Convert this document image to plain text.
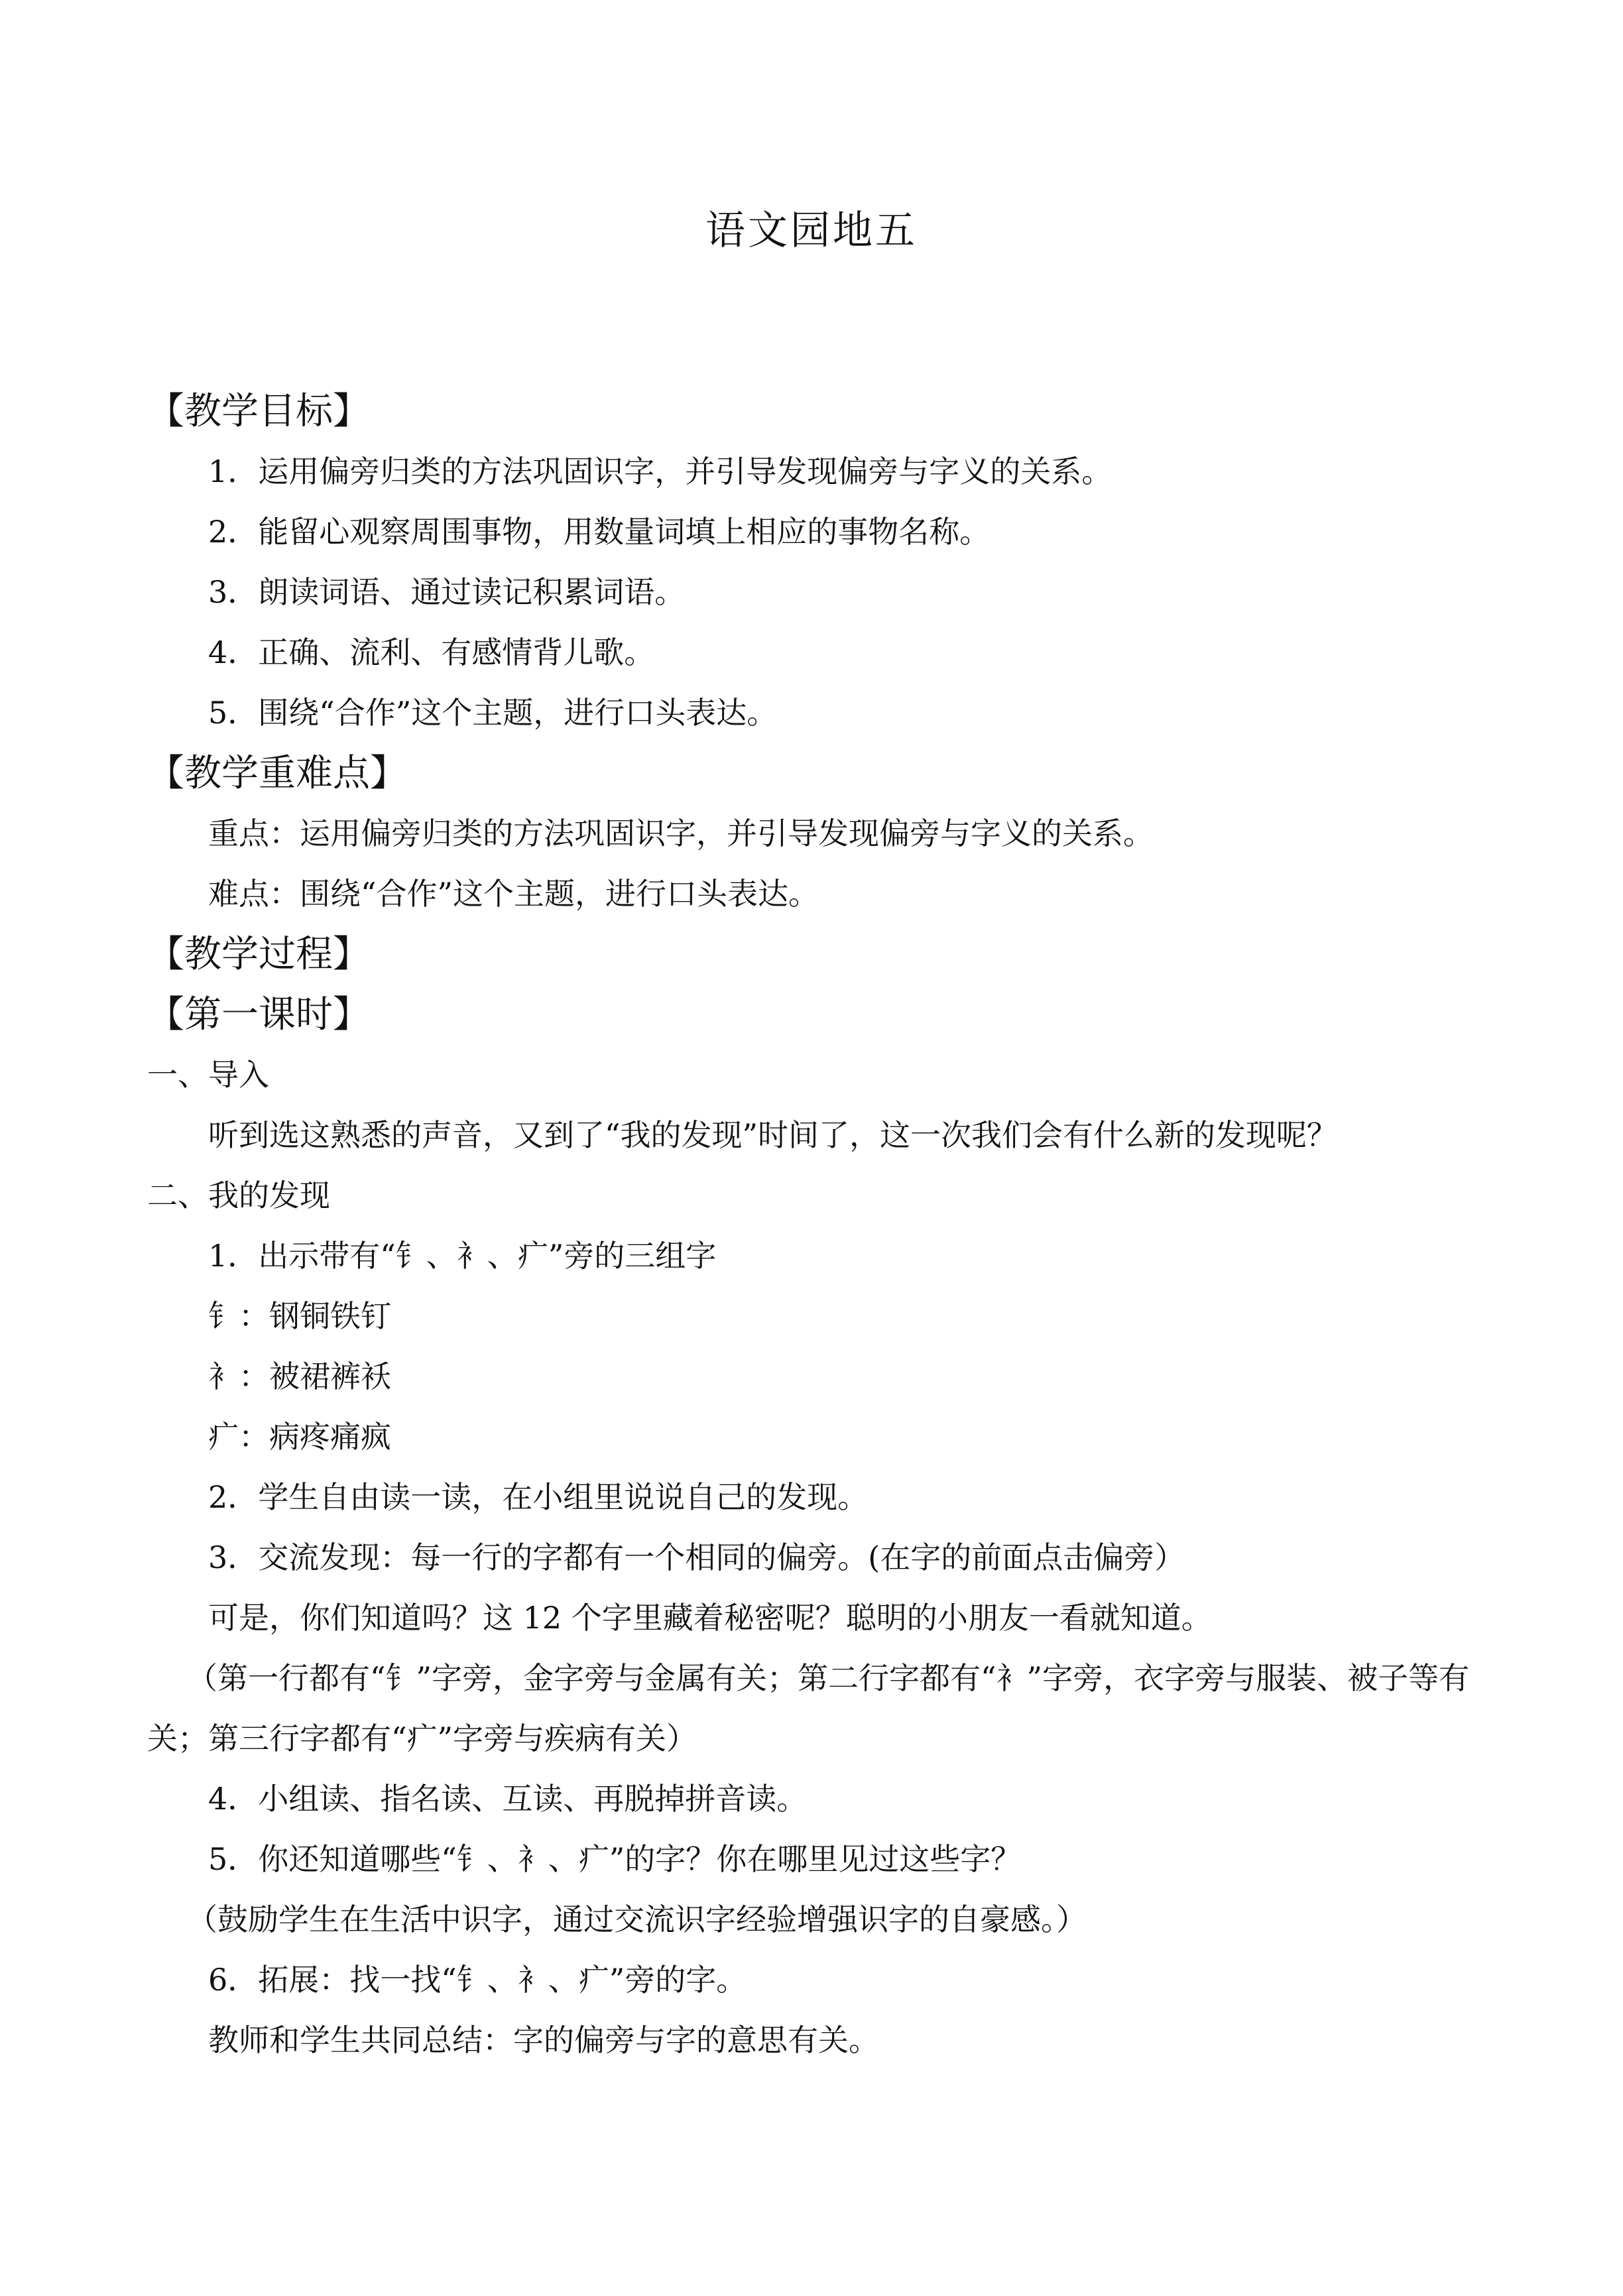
语文园地五

【教学目标】

1．运用偏旁归类的方法巩固识字，并引导发现偏旁与字义的关系。

2．能留心观察周围事物，用数量词填上相应的事物名称。

3．朗读词语、通过读记积累词语。

4．正确、流利、有感情背儿歌。

5．围绕“合作”这个主题，进行口头表达。

【教学重难点】

重点：运用偏旁归类的方法巩固识字，并引导发现偏旁与字义的关系。

难点：围绕“合作”这个主题，进行口头表达。

【教学过程】

【第一课时】

一、导入

听到选这熟悉的声音，又到了“我的发现”时间了，这一次我们会有什么新的发现呢？

二、我的发现

1．出示带有“钅、衤、疒”旁的三组字

钅：钢铜铁钉

衤：被裙裤袄

疒：病疼痛疯

2．学生自由读一读，在小组里说说自己的发现。

3．交流发现：每一行的字都有一个相同的偏旁。(在字的前面点击偏旁）

可是，你们知道吗？这 12 个字里藏着秘密呢？聪明的小朋友一看就知道。

（第一行都有“钅”字旁，金字旁与金属有关；第二行字都有“衤”字旁，衣字旁与服装、被子等有关；第三行字都有“疒”字旁与疾病有关）

4．小组读、指名读、互读、再脱掉拼音读。

5．你还知道哪些“钅、衤、疒”的字？你在哪里见过这些字？

（鼓励学生在生活中识字，通过交流识字经验增强识字的自豪感。）

6．拓展：找一找“钅、衤、疒”旁的字。

教师和学生共同总结：字的偏旁与字的意思有关。
